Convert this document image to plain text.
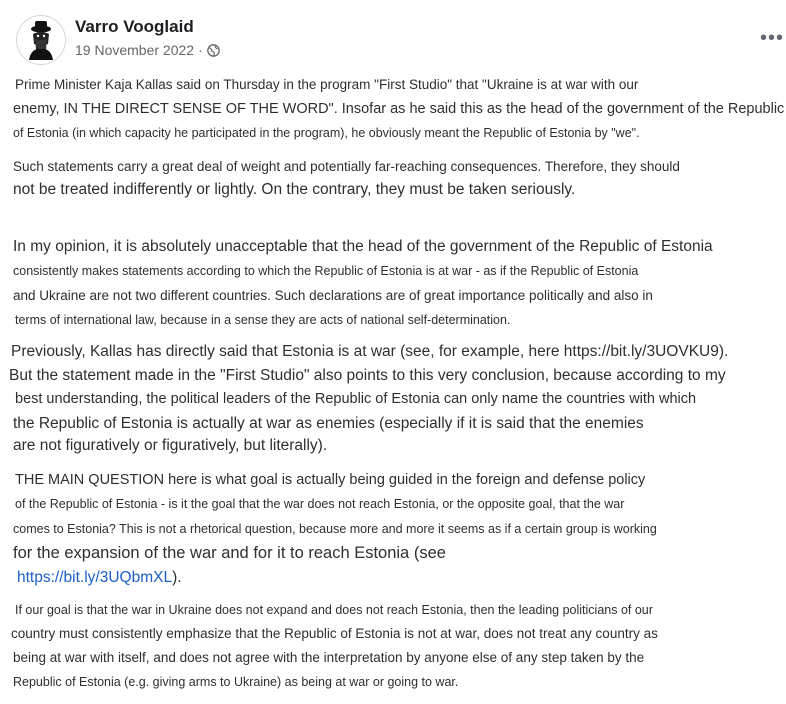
Varro Vooglaid
19 November 2022 ·
•••
Prime Minister Kaja Kallas said on Thursday in the program "First Studio" that "Ukraine is at war with our
enemy, IN THE DIRECT SENSE OF THE WORD". Insofar as he said this as the head of the government of the Republic
of Estonia (in which capacity he participated in the program), he obviously meant the Republic of Estonia by "we".
Such statements carry a great deal of weight and potentially far-reaching consequences. Therefore, they should
not be treated indifferently or lightly. On the contrary, they must be taken seriously.
In my opinion, it is absolutely unacceptable that the head of the government of the Republic of Estonia
consistently makes statements according to which the Republic of Estonia is at war - as if the Republic of Estonia
and Ukraine are not two different countries. Such declarations are of great importance politically and also in
terms of international law, because in a sense they are acts of national self-determination.
Previously, Kallas has directly said that Estonia is at war (see, for example, here https://bit.ly/3UOVKU9).
But the statement made in the "First Studio" also points to this very conclusion, because according to my
best understanding, the political leaders of the Republic of Estonia can only name the countries with which
the Republic of Estonia is actually at war as enemies (especially if it is said that the enemies
are not figuratively or figuratively, but literally).
THE MAIN QUESTION here is what goal is actually being guided in the foreign and defense policy
of the Republic of Estonia - is it the goal that the war does not reach Estonia, or the opposite goal, that the war
comes to Estonia? This is not a rhetorical question, because more and more it seems as if a certain group is working
for the expansion of the war and for it to reach Estonia (see
https://bit.ly/3UQbmXL).
If our goal is that the war in Ukraine does not expand and does not reach Estonia, then the leading politicians of our
country must consistently emphasize that the Republic of Estonia is not at war, does not treat any country as
being at war with itself, and does not agree with the interpretation by anyone else of any step taken by the
Republic of Estonia (e.g. giving arms to Ukraine) as being at war or going to war.
